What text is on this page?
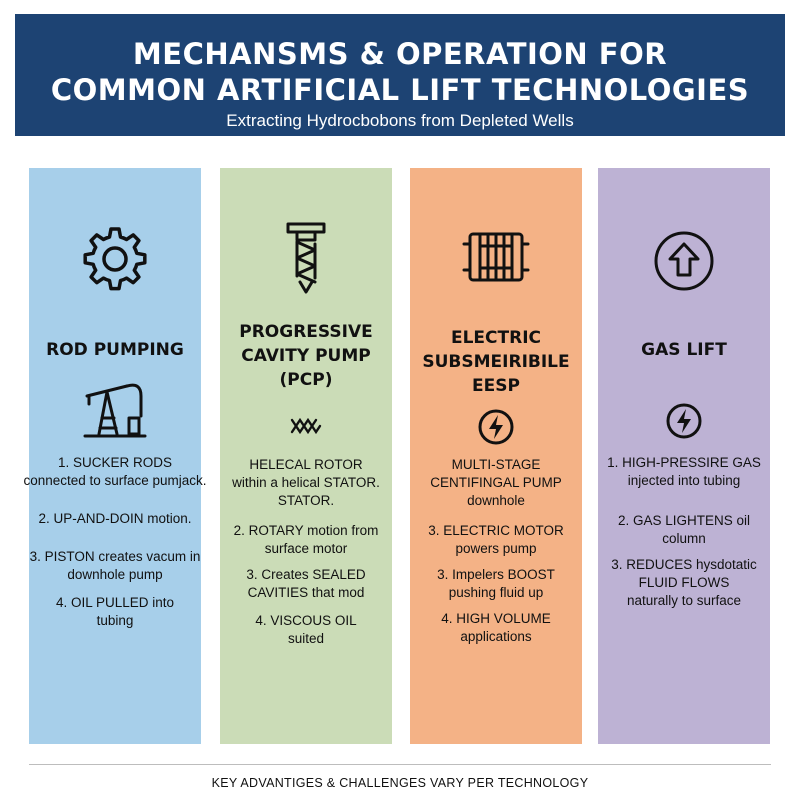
MECHANSMS & OPERATION FOR
COMMON ARTIFICIAL LIFT TECHNOLOGIES
Extracting Hydrocbobons from Depleted Wells
ROD PUMPING

1. SUCKER RODS
connected to surface pumjack.

2. UP-AND-DOIN motion.

3. PISTON creates vacum in
downhole pump

4. OIL PULLED into
tubing

PROGRESSIVE
CAVITY PUMP
(PCP)

HELECAL ROTOR
within a helical STATOR.
STATOR.

2. ROTARY motion from
surface motor

3. Creates SEALED
CAVITIES that mod

4. VISCOUS OIL
suited

ELECTRIC
SUBSMEIRIBILE
EESP

MULTI-STAGE
CENTIFINGAL PUMP
downhole

3. ELECTRIC MOTOR
powers pump

3. Impelers BOOST
pushing fluid up

4. HIGH VOLUME
applications

GAS LIFT

1. HIGH-PRESSIRE GAS
injected into tubing

2. GAS LIGHTENS oil
column

3. REDUCES hysdotatic
FLUID FLOWS
naturally to surface

KEY ADVANTIGES & CHALLENGES VARY PER TECHNOLOGY
